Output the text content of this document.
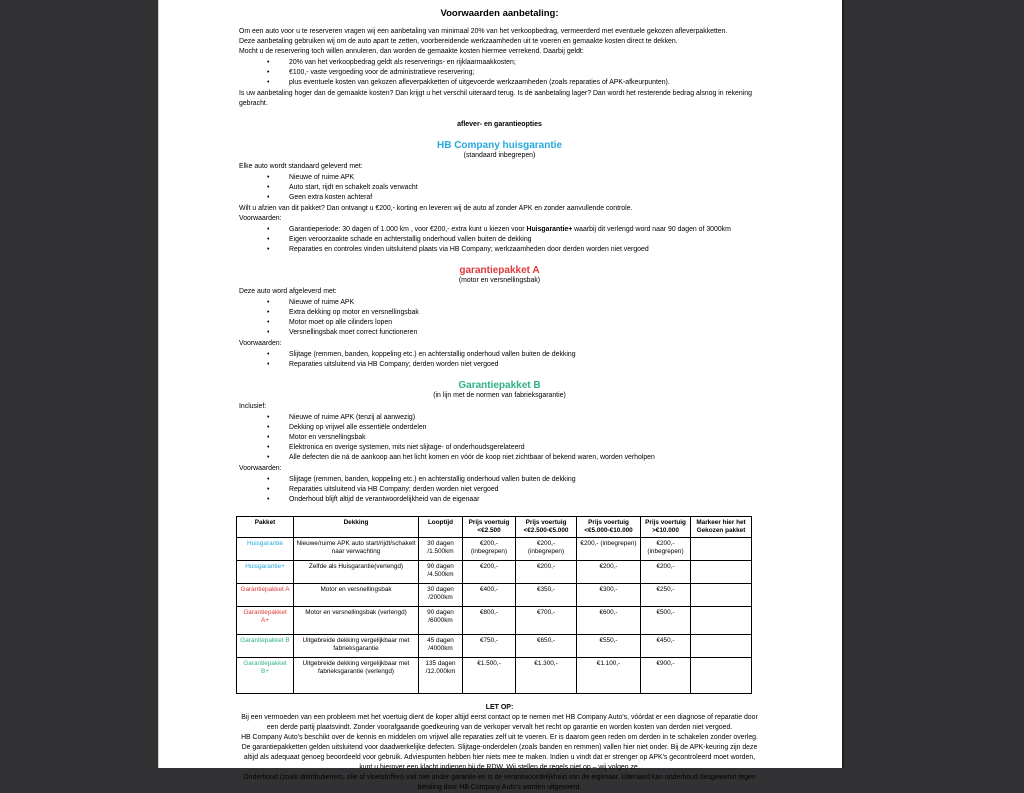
Voorwaarden aanbetaling:

Om een auto voor u te reserveren vragen wij een aanbetaling van minimaal 20% van het verkoopbedrag, vermeerderd met eventuele gekozen afleverpakketten.

Deze aanbetaling gebruiken wij om de auto apart te zetten, voorbereidende werkzaamheden uit te voeren en gemaakte kosten direct te dekken.

Mocht u de reservering toch willen annuleren, dan worden de gemaakte kosten hiermee verrekend. Daarbij geldt:

• 20% van het verkoopbedrag geldt als reserverings- en rijklaarmaakkosten;
• €100,- vaste vergoeding voor de administratieve reservering;
• plus eventuele kosten van gekozen afleverpakketten of uitgevoerde werkzaamheden (zoals reparaties of APK-afkeurpunten).

Is uw aanbetaling hoger dan de gemaakte kosten? Dan krijgt u het verschil uiteraard terug. Is de aanbetaling lager? Dan wordt het resterende bedrag alsnog in rekening gebracht.

aflever- en garantieopties
HB Company huisgarantie
(standaard inbegrepen)

Elke auto wordt standaard geleverd met:

• Nieuwe of ruime APK
• Auto start, rijdt en schakelt zoals verwacht
• Geen extra kosten achteraf

Wilt u afzien van dit pakket? Dan ontvangt u €200,- korting en leveren wij de auto af zonder APK en zonder aanvullende controle.

Voorwaarden:

• Garantieperiode: 30 dagen of 1.000 km , voor €200,- extra kunt u kiezen voor Huisgarantie+ waarbij dit verlengd word naar 90 dagen of 3000km
• Eigen veroorzaakte schade en achterstallig onderhoud vallen buiten de dekking
• Reparaties en controles vinden uitsluitend plaats via HB Company; werkzaamheden door derden worden niet vergoed
garantiepakket A
(motor en versnellingsbak)

Deze auto word afgeleverd met:

• Nieuwe of ruime APK
• Extra dekking op motor en versnellingsbak
• Motor moet op alle cilinders lopen
• Versnellingsbak moet correct functioneren

Voorwaarden:

• Slijtage (remmen, banden, koppeling etc.) en achterstallig onderhoud vallen buiten de dekking
• Reparaties uitsluitend via HB Company; derden worden niet vergoed
Garantiepakket B
(in lijn met de normen van fabrieksgarantie)

Inclusief:

• Nieuwe of ruime APK (tenzij al aanwezig)
• Dekking op vrijwel alle essentiële onderdelen
• Motor en versnellingsbak
• Elektronica en overige systemen, mits niet slijtage- of onderhoudsgerelateerd
• Alle defecten die ná de aankoop aan het licht komen en vóór de koop niet zichtbaar of bekend waren, worden verholpen

Voorwaarden:

• Slijtage (remmen, banden, koppeling etc.) en achterstallig onderhoud vallen buiten de dekking
• Reparaties uitsluitend via HB Company; derden worden niet vergoed
• Onderhoud blijft altijd de verantwoordelijkheid van de eigenaar
Pakket	Dekking	Looptijd	Prijs voertuig <€2.500	Prijs voertuig <€2.500-€5.000	Prijs voertuig <€5.000-€10.000	Prijs voertuig >€10.000	Markeer hier het Gekozen pakket
Huisgarantie	Nieuwe/ruime APK auto start/rijdt/schakelt naar verwachting	30 dagen /1.500km	€200,- (inbegrepen)	€200,- (inbegrepen)	€200,- (inbegrepen)	€200,- (inbegrepen)	
Huisgarantie+	Zelfde als Huisgarantie(verlengd)	90 dagen /4.500km	€200,-	€200,-	€200,-	€200,-	
Garantiepakket A	Motor en versnellingsbak	30 dagen /2000km	€400,-	€350,-	€300,-	€250,-	
Garantiepakket A+	Motor en versnellingsbak (verlengd)	90 dagen /6000km	€800,-	€700,-	€600,-	€500,-	
Garantiepakket B	Uitgebreide dekking vergelijkbaar met fabrieksgarantie	45 dagen /4000km	€750,-	€650,-	€550,-	€450,-	
Garantiepakket B+	Uitgebreide dekking vergelijkbaar met fabrieksgarantie (verlengd)	135 dagen /12.000km	€1.500,-	€1.300,-	€1.100,-	€900,-	
LET OP:

Bij een vermoeden van een probleem met het voertuig dient de koper altijd eerst contact op te nemen met HB Company Auto's, vóórdat er een diagnose of reparatie door een derde partij plaatsvindt. Zonder voorafgaande goedkeuring van de verkoper vervalt het recht op garantie en worden kosten van derden niet vergoed.

HB Company Auto's beschikt over de kennis en middelen om vrijwel alle reparaties zelf uit te voeren. Er is daarom geen reden om derden in te schakelen zonder overleg.

De garantiepakketten gelden uitsluitend voor daadwerkelijke defecten. Slijtage-onderdelen (zoals banden en remmen) vallen hier niet onder. Bij de APK-keuring zijn deze altijd als adequaat genoeg beoordeeld voor gebruik. Adviespunten hebben hier niets mee te maken. Indien u vindt dat er strenger op APK's gecontroleerd moet worden, kunt u hierover een klacht indienen bij de RDW. Wij stellen de regels niet op – wij volgen ze.

Onderhoud (zoals distributieriem, olie of vloeistoffen) valt niet onder garantie en is de verantwoordelijkheid van de eigenaar. Uiteraard kan onderhoud desgewenst tegen betaling door HB Company Auto's worden uitgevoerd.
